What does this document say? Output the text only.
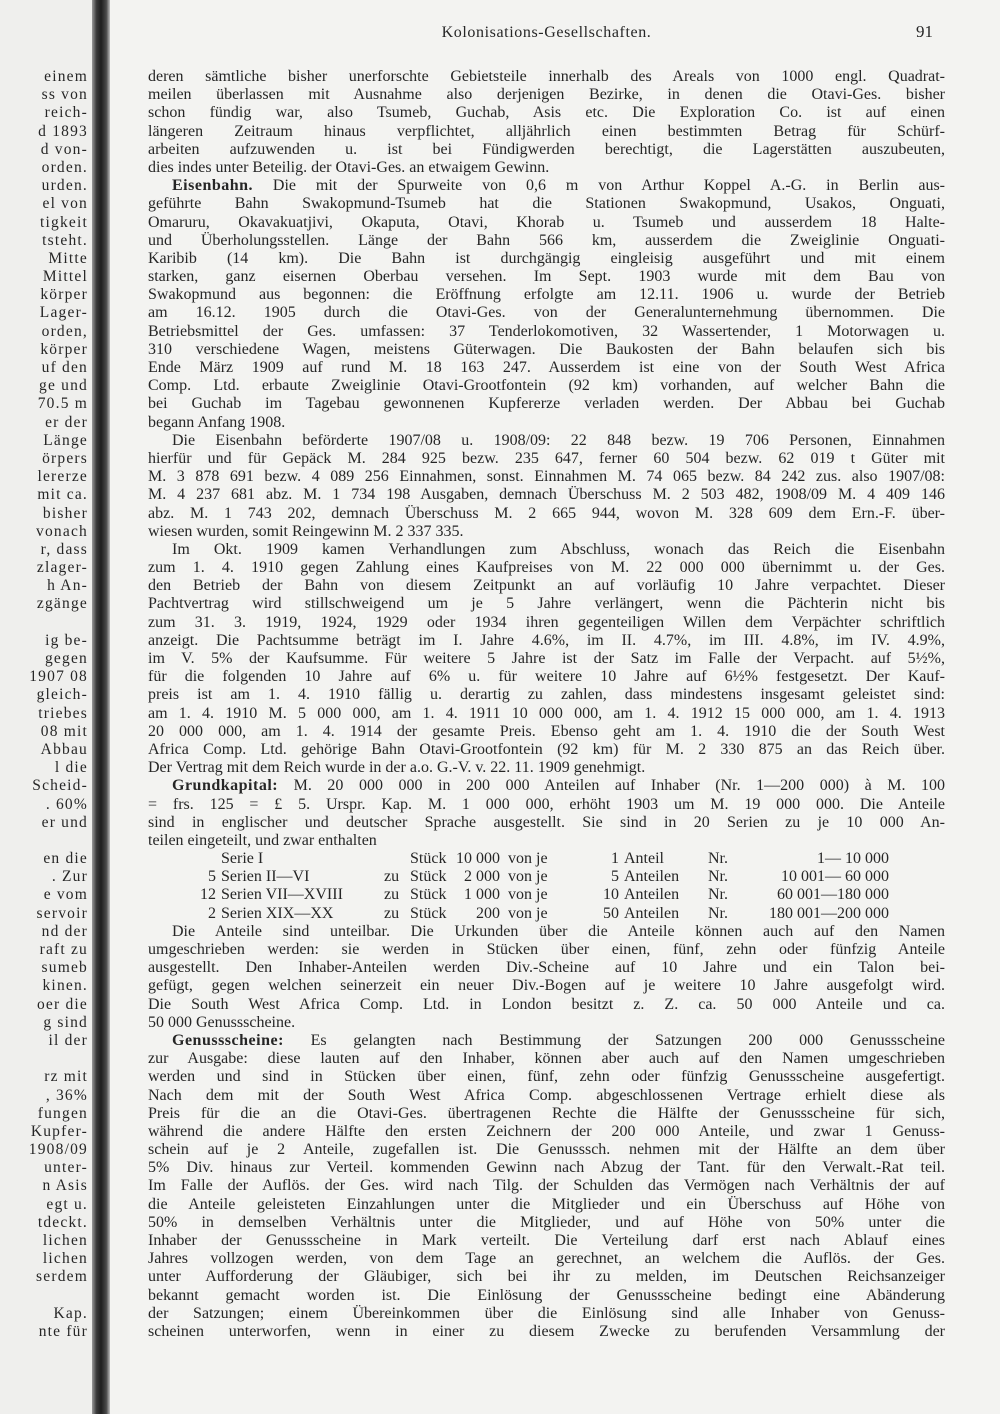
einem
ss von
reich-
d 1893
d von-
orden.
urden.
el von
tigkeit
tsteht.
Mitte
Mittel
körper
Lager-
orden,
körper
uf den
ge und
70.5 m
er der
Länge
örpers
lererze
mit ca.
bisher
vonach
r, dass
zlager-
h An-
zgänge
ig be-
gegen
1907 08
gleich-
triebes
08 mit
Abbau
l die
Scheid-
. 60%
er und
en die
. Zur
e vom
servoir
nd der
raft zu
sumeb
kinen.
oer die
g sind
il der
rz mit
, 36%
fungen
Kupfer-
1908/09
unter-
n Asis
egt u.
tdeckt.
lichen
lichen
serdem
Kap.
nte für
Kolonisations-Gesellschaften.	91
deren sämtliche bisher unerforschte Gebietsteile innerhalb des Areals von 1000 engl. Quadrat-
meilen überlassen mit Ausnahme also derjenigen Bezirke, in denen die Otavi-Ges. bisher
schon fündig war, also Tsumeb, Guchab, Asis etc. Die Exploration Co. ist auf einen
längeren Zeitraum hinaus verpflichtet, alljährlich einen bestimmten Betrag für Schürf-
arbeiten aufzuwenden u. ist bei Fündigwerden berechtigt, die Lagerstätten auszubeuten,
dies indes unter Beteilig. der Otavi-Ges. an etwaigem Gewinn.
Eisenbahn. Die mit der Spurweite von 0,6 m von Arthur Koppel A.-G. in Berlin aus-
geführte Bahn Swakopmund-Tsumeb hat die Stationen Swakopmund, Usakos, Onguati,
Omaruru, Okavakuatjivi, Okaputa, Otavi, Khorab u. Tsumeb und ausserdem 18 Halte-
und Überholungsstellen. Länge der Bahn 566 km, ausserdem die Zweiglinie Onguati-
Karibib (14 km). Die Bahn ist durchgängig eingleisig ausgeführt und mit einem
starken, ganz eisernen Oberbau versehen. Im Sept. 1903 wurde mit dem Bau von
Swakopmund aus begonnen: die Eröffnung erfolgte am 12.11. 1906 u. wurde der Betrieb
am 16.12. 1905 durch die Otavi-Ges. von der Generalunternehmung übernommen. Die
Betriebsmittel der Ges. umfassen: 37 Tenderlokomotiven, 32 Wassertender, 1 Motorwagen u.
310 verschiedene Wagen, meistens Güterwagen. Die Baukosten der Bahn belaufen sich bis
Ende März 1909 auf rund M. 18 163 247. Ausserdem ist eine von der South West Africa
Comp. Ltd. erbaute Zweiglinie Otavi-Grootfontein (92 km) vorhanden, auf welcher Bahn die
bei Guchab im Tagebau gewonnenen Kupfererze verladen werden. Der Abbau bei Guchab
begann Anfang 1908.
Die Eisenbahn beförderte 1907/08 u. 1908/09: 22 848 bezw. 19 706 Personen, Einnahmen
hierfür und für Gepäck M. 284 925 bezw. 235 647, ferner 60 504 bezw. 62 019 t Güter mit
M. 3 878 691 bezw. 4 089 256 Einnahmen, sonst. Einnahmen M. 74 065 bezw. 84 242 zus. also 1907/08:
M. 4 237 681 abz. M. 1 734 198 Ausgaben, demnach Überschuss M. 2 503 482, 1908/09 M. 4 409 146
abz. M. 1 743 202, demnach Überschuss M. 2 665 944, wovon M. 328 609 dem Ern.-F. über-
wiesen wurden, somit Reingewinn M. 2 337 335.
Im Okt. 1909 kamen Verhandlungen zum Abschluss, wonach das Reich die Eisenbahn
zum 1. 4. 1910 gegen Zahlung eines Kaufpreises von M. 22 000 000 übernimmt u. der Ges.
den Betrieb der Bahn von diesem Zeitpunkt an auf vorläufig 10 Jahre verpachtet. Dieser
Pachtvertrag wird stillschweigend um je 5 Jahre verlängert, wenn die Pächterin nicht bis
zum 31. 3. 1919, 1924, 1929 oder 1934 ihren gegenteiligen Willen dem Verpächter schriftlich
anzeigt. Die Pachtsumme beträgt im I. Jahre 4.6%, im II. 4.7%, im III. 4.8%, im IV. 4.9%,
im V. 5% der Kaufsumme. Für weitere 5 Jahre ist der Satz im Falle der Verpacht. auf 5½%,
für die folgenden 10 Jahre auf 6% u. für weitere 10 Jahre auf 6½% festgesetzt. Der Kauf-
preis ist am 1. 4. 1910 fällig u. derartig zu zahlen, dass mindestens insgesamt geleistet sind:
am 1. 4. 1910 M. 5 000 000, am 1. 4. 1911 10 000 000, am 1. 4. 1912 15 000 000, am 1. 4. 1913
20 000 000, am 1. 4. 1914 der gesamte Preis. Ebenso geht am 1. 4. 1910 die der South West
Africa Comp. Ltd. gehörige Bahn Otavi-Grootfontein (92 km) für M. 2 330 875 an das Reich über.
Der Vertrag mit dem Reich wurde in der a.o. G.-V. v. 22. 11. 1909 genehmigt.
Grundkapital: M. 20 000 000 in 200 000 Anteilen auf Inhaber (Nr. 1—200 000) à M. 100
= frs. 125 = £ 5. Urspr. Kap. M. 1 000 000, erhöht 1903 um M. 19 000 000. Die Anteile
sind in englischer und deutscher Sprache ausgestellt. Sie sind in 20 Serien zu je 10 000 An-
teilen eingeteilt, und zwar enthalten
Serie I	Stück 10 000 von je	1 Anteil	Nr.	1— 10 000
5 Serien II—VI	zu Stück 2 000 von je	5 Anteilen Nr.	10 001— 60 000
12 Serien VII—XVIII	zu Stück 1 000 von je	10 Anteilen Nr.	60 001—180 000
2 Serien XIX—XX	zu Stück 200 von je	50 Anteilen Nr.	180 001—200 000
Die Anteile sind unteilbar. Die Urkunden über die Anteile können auch auf den Namen
umgeschrieben werden: sie werden in Stücken über einen, fünf, zehn oder fünfzig Anteile
ausgestellt. Den Inhaber-Anteilen werden Div.-Scheine auf 10 Jahre und ein Talon bei-
gefügt, gegen welchen seinerzeit ein neuer Div.-Bogen auf je weitere 10 Jahre ausgefolgt wird.
Die South West Africa Comp. Ltd. in London besitzt z. Z. ca. 50 000 Anteile und ca.
50 000 Genussscheine.
Genussscheine: Es gelangten nach Bestimmung der Satzungen 200 000 Genussscheine
zur Ausgabe: diese lauten auf den Inhaber, können aber auch auf den Namen umgeschrieben
werden und sind in Stücken über einen, fünf, zehn oder fünfzig Genussscheine ausgefertigt.
Nach dem mit der South West Africa Comp. abgeschlossenen Vertrage erhielt diese als
Preis für die an die Otavi-Ges. übertragenen Rechte die Hälfte der Genussscheine für sich,
während die andere Hälfte den ersten Zeichnern der 200 000 Anteile, und zwar 1 Genuss-
schein auf je 2 Anteile, zugefallen ist. Die Genusssch. nehmen mit der Hälfte an dem über
5% Div. hinaus zur Verteil. kommenden Gewinn nach Abzug der Tant. für den Verwalt.-Rat teil.
Im Falle der Auflös. der Ges. wird nach Tilg. der Schulden das Vermögen nach Verhältnis der auf
die Anteile geleisteten Einzahlungen unter die Mitglieder und ein Überschuss auf Höhe von
50% in demselben Verhältnis unter die Mitglieder, und auf Höhe von 50% unter die
Inhaber der Genussscheine in Mark verteilt. Die Verteilung darf erst nach Ablauf eines
Jahres vollzogen werden, von dem Tage an gerechnet, an welchem die Auflös. der Ges.
unter Aufforderung der Gläubiger, sich bei ihr zu melden, im Deutschen Reichsanzeiger
bekannt gemacht worden ist. Die Einlösung der Genussscheine bedingt eine Abänderung
der Satzungen; einem Übereinkommen über die Einlösung sind alle Inhaber von Genuss-
scheinen unterworfen, wenn in einer zu diesem Zwecke zu berufenden Versammlung der
